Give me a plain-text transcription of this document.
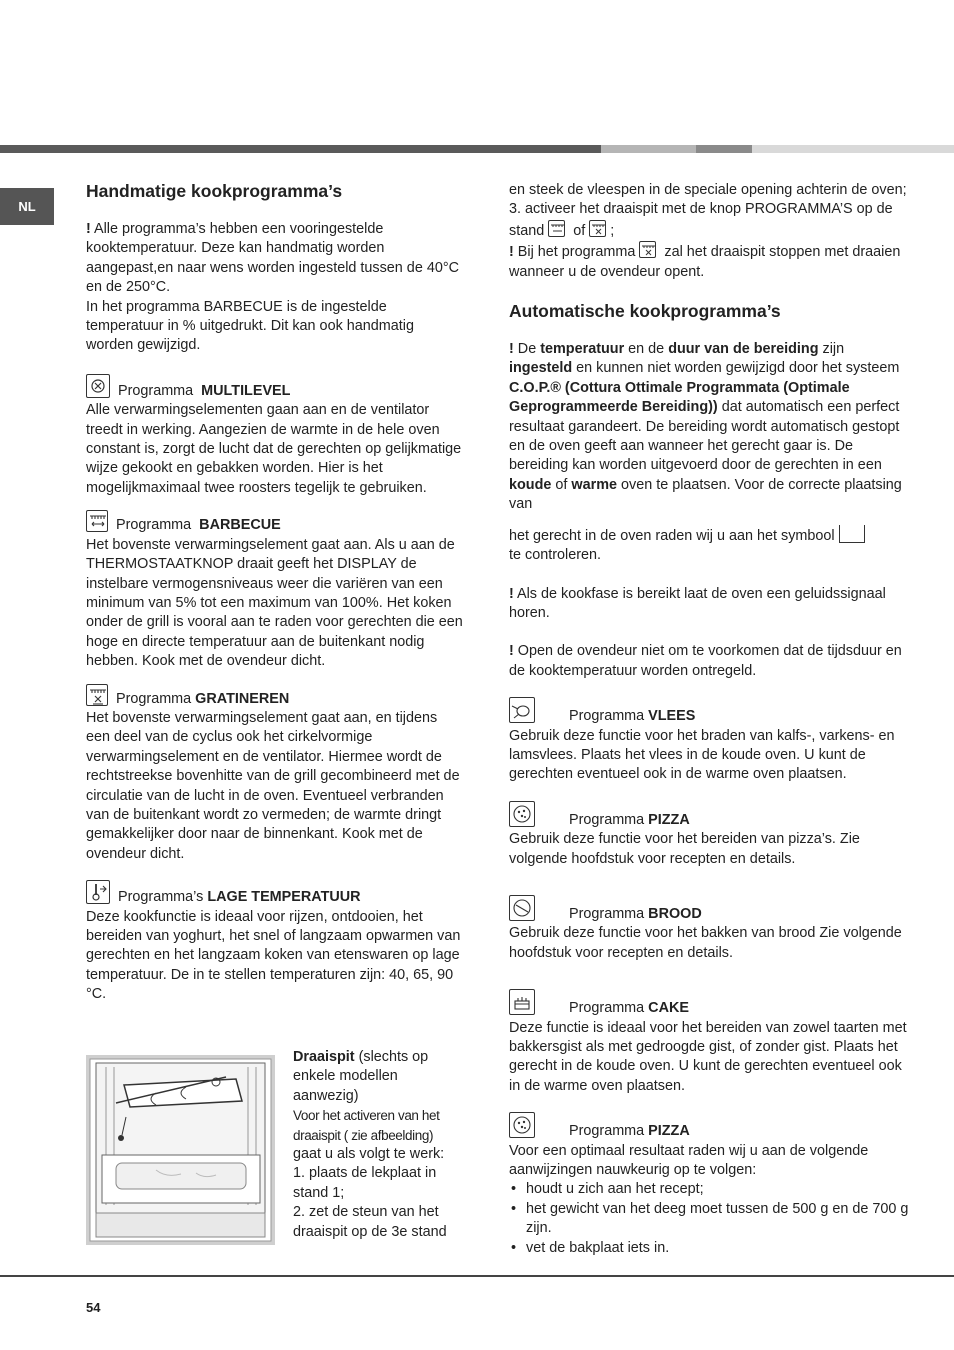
NL
Handmatige kookprogramma’s

! Alle programma’s hebben een vooringestelde kooktemperatuur. Deze kan handmatig worden aangepast,en naar wens worden ingesteld tussen de 40°C en de 250°C.
In het programma BARBECUE is de ingestelde temperatuur in % uitgedrukt. Dit kan ook handmatig worden gewijzigd.

Programma MULTILEVEL
Alle verwarmingselementen gaan aan en de ventilator treedt in werking. Aangezien de warmte in de hele oven constant is, zorgt de lucht dat de gerechten op gelijkmatige wijze gekookt en gebakken worden. Hier is het mogelijkmaximaal twee roosters tegelijk te gebruiken.

Programma BARBECUE
Het bovenste verwarmingselement gaat aan. Als u aan de THERMOSTAATKNOP draait geeft het DISPLAY de instelbare vermogensniveaus weer die variëren van een minimum van 5% tot een maximum van 100%. Het koken onder de grill is vooral aan te raden voor gerechten die een hoge en directe temperatuur aan de buitenkant nodig hebben. Kook met de ovendeur dicht.

Programma GRATINEREN
Het bovenste verwarmingselement gaat aan, en tijdens een deel van de cyclus ook het cirkelvormige verwarmingselement en de ventilator. Hiermee wordt de rechtstreekse bovenhitte van de grill gecombineerd met de circulatie van de lucht in de oven. Eventueel verbranden van de buitenkant wordt zo vermeden; de warmte dringt gemakkelijker door naar de binnenkant. Kook met de ovendeur dicht.

Programma’s LAGE TEMPERATUUR
Deze kookfunctie is ideaal voor rijzen, ontdooien, het bereiden van yoghurt, het snel of langzaam opwarmen van gerechten en het langzaam koken van etenswaren op lage temperatuur. De in te stellen temperaturen zijn: 40, 65, 90 °C.

Draaispit (slechts op enkele modellen aanwezig)

Voor het activeren van het draaispit ( zie afbeelding)

gaat u als volgt te werk:

1. plaats de lekplaat in stand 1;

2. zet de steun van het draaispit op de 3e stand

en steek de vleespen in de speciale opening achterin de oven;

3. activeer het draaispit met de knop PROGRAMMA’S op de stand of ;

! Bij het programma zal het draaispit stoppen met draaien wanneer u de ovendeur opent.

Automatische kookprogramma’s

! De temperatuur en de duur van de bereiding zijn ingesteld en kunnen niet worden gewijzigd door het systeem C.O.P.® (Cottura Ottimale Programmata (Optimale Geprogrammeerde Bereiding)) dat automatisch een perfect resultaat garandeert. De bereiding wordt automatisch gestopt en de oven geeft aan wanneer het gerecht gaar is. De bereiding kan worden uitgevoerd door de gerechten in een koude of warme oven te plaatsen. Voor de correcte plaatsing van

het gerecht in de oven raden wij u aan het symbool
te controleren.

! Als de kookfase is bereikt laat de oven een geluidssignaal horen.

! Open de ovendeur niet om te voorkomen dat de tijdsduur en de kooktemperatuur worden ontregeld.

Programma VLEES
Gebruik deze functie voor het braden van kalfs-, varkens- en lamsvlees. Plaats het vlees in de koude oven. U kunt de gerechten eventueel ook in de warme oven plaatsen.

Programma PIZZA
Gebruik deze functie voor het bereiden van pizza’s. Zie volgende hoofdstuk voor recepten en details.

Programma BROOD
Gebruik deze functie voor het bakken van brood Zie volgende hoofdstuk voor recepten en details.

Programma CAKE
Deze functie is ideaal voor het bereiden van zowel taarten met bakkersgist als met gedroogde gist, of zonder gist. Plaats het gerecht in de koude oven. U kunt de gerechten eventueel ook in de warme oven plaatsen.

Programma PIZZA
Voor een optimaal resultaat raden wij u aan de volgende aanwijzingen nauwkeurig op te volgen:

• houdt u zich aan het recept;
• het gewicht van het deeg moet tussen de 500 g en de 700 g zijn.
• vet de bakplaat iets in.
54
